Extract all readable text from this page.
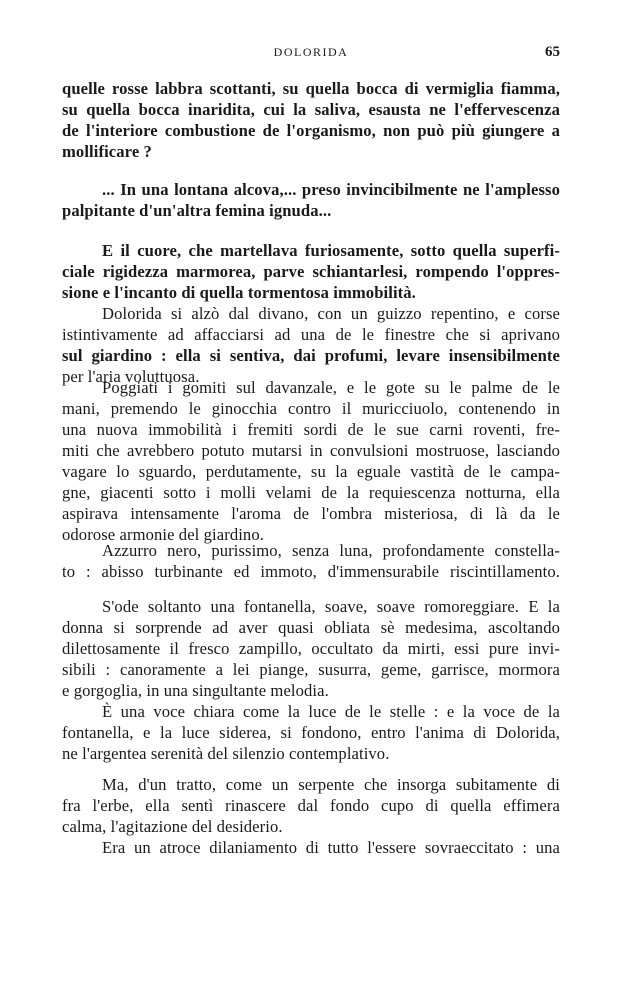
DOLORIDA	65
quelle rosse labbra scottanti, su quella bocca di vermiglia fiamma,
su quella bocca inaridita, cui la saliva, esausta ne l'effervescenza
de l'interiore combustione de l'organismo, non può più giungere a
mollificare ?
... In una lontana alcova,... preso invincibilmente ne l'amplesso
palpitante d'un'altra femina ignuda...
E il cuore, che martellava furiosamente, sotto quella superfi-
ciale rigidezza marmorea, parve schiantarlesi, rompendo l'oppres-
sione e l'incanto di quella tormentosa immobilità.
Dolorida si alzò dal divano, con un guizzo repentino, e corse
istintivamente ad affacciarsi ad una de le finestre che si aprivano
sul giardino : ella si sentiva, dai profumi, levare insensibilmente
per l'aria voluttuosa.
Poggiati i gomiti sul davanzale, e le gote su le palme de le
mani, premendo le ginocchia contro il muricciuolo, contenendo in
una nuova immobilità i fremiti sordi de le sue carni roventi, fre-
miti che avrebbero potuto mutarsi in convulsioni mostruose, lasciando
vagare lo sguardo, perdutamente, su la eguale vastità de le campa-
gne, giacenti sotto i molli velami de la requiescenza notturna, ella
aspirava intensamente l'aroma de l'ombra misteriosa, di là da le
odorose armonie del giardino.
Azzurro nero, purissimo, senza luna, profondamente constella-
to : abisso turbinante ed immoto, d'immensurabile riscintillamento.
S'ode soltanto una fontanella, soave, soave romoreggiare. E la
donna si sorprende ad aver quasi obliata sè medesima, ascoltando
dilettosamente il fresco zampillo, occultato da mirti, essi pure invi-
sibili : canoramente a lei piange, susurra, geme, garrisce, mormora
e gorgoglia, in una singultante melodia.
È una voce chiara come la luce de le stelle : e la voce de la
fontanella, e la luce siderea, si fondono, entro l'anima di Dolorida,
ne l'argentea serenità del silenzio contemplativo.
Ma, d'un tratto, come un serpente che insorga subitamente di
fra l'erbe, ella sentì rinascere dal fondo cupo di quella effimera
calma, l'agitazione del desiderio.
Era un atroce dilaniamento di tutto l'essere sovraeccitato : una
